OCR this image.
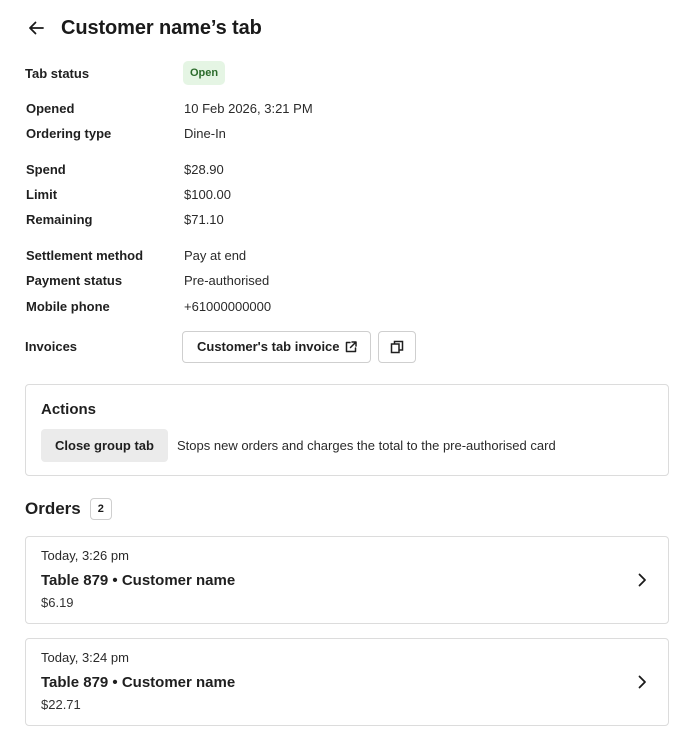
Customer name’s tab
Tab status	Open
Opened	10 Feb 2026, 3:21 PM
Ordering type	Dine-In
Spend	$28.90
Limit	$100.00
Remaining	$71.10
Settlement method	Pay at end
Payment status	Pre-authorised
Mobile phone	+61000000000
Invoices	Customer's tab invoice
Actions
Close group tab	Stops new orders and charges the total to the pre-authorised card
Orders	2
Today, 3:26 pm
Table 879 • Customer name
$6.19
Today, 3:24 pm
Table 879 • Customer name
$22.71
